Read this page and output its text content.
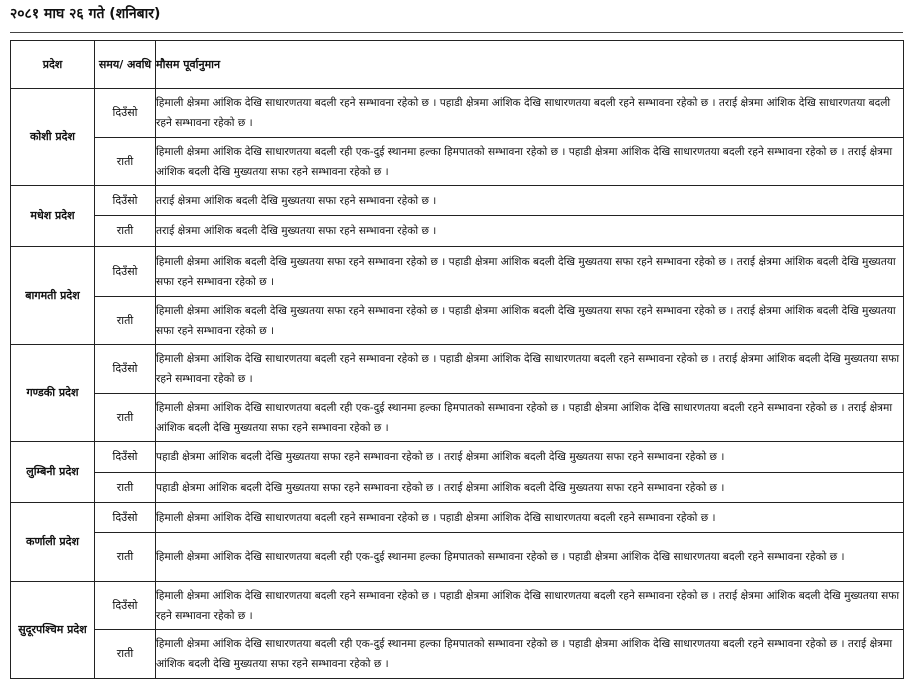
२०८१ माघ २६ गते (शनिबार)
प्रदेश	समय/ अवधि	मौसम पूर्वानुमान
कोशी प्रदेश	दिउँसो	हिमाली क्षेत्रमा आंशिक देखि साधारणतया बदली रहने सम्भावना रहेको छ । पहाडी क्षेत्रमा आंशिक देखि साधारणतया बदली रहने सम्भावना रहेको छ । तराई क्षेत्रमा आंशिक देखि साधारणतया बदली रहने सम्भावना रहेको छ ।
	राती	हिमाली क्षेत्रमा आंशिक देखि साधारणतया बदली रही एक-दुई स्थानमा हल्का हिमपातको सम्भावना रहेको छ । पहाडी क्षेत्रमा आंशिक देखि साधारणतया बदली रहने सम्भावना रहेको छ । तराई क्षेत्रमा आंशिक बदली देखि मुख्यतया सफा रहने सम्भावना रहेको छ ।
मधेश प्रदेश	दिउँसो	तराई क्षेत्रमा आंशिक बदली देखि मुख्यतया सफा रहने सम्भावना रहेको छ ।
	राती	तराई क्षेत्रमा आंशिक बदली देखि मुख्यतया सफा रहने सम्भावना रहेको छ ।
बागमती प्रदेश	दिउँसो	हिमाली क्षेत्रमा आंशिक बदली देखि मुख्यतया सफा रहने सम्भावना रहेको छ । पहाडी क्षेत्रमा आंशिक बदली देखि मुख्यतया सफा रहने सम्भावना रहेको छ । तराई क्षेत्रमा आंशिक बदली देखि मुख्यतया सफा रहने सम्भावना रहेको छ ।
	राती	हिमाली क्षेत्रमा आंशिक बदली देखि मुख्यतया सफा रहने सम्भावना रहेको छ । पहाडी क्षेत्रमा आंशिक बदली देखि मुख्यतया सफा रहने सम्भावना रहेको छ । तराई क्षेत्रमा आंशिक बदली देखि मुख्यतया सफा रहने सम्भावना रहेको छ ।
गण्डकी प्रदेश	दिउँसो	हिमाली क्षेत्रमा आंशिक देखि साधारणतया बदली रहने सम्भावना रहेको छ । पहाडी क्षेत्रमा आंशिक देखि साधारणतया बदली रहने सम्भावना रहेको छ । तराई क्षेत्रमा आंशिक बदली देखि मुख्यतया सफा रहने सम्भावना रहेको छ ।
	राती	हिमाली क्षेत्रमा आंशिक देखि साधारणतया बदली रही एक-दुई स्थानमा हल्का हिमपातको सम्भावना रहेको छ । पहाडी क्षेत्रमा आंशिक देखि साधारणतया बदली रहने सम्भावना रहेको छ । तराई क्षेत्रमा आंशिक बदली देखि मुख्यतया सफा रहने सम्भावना रहेको छ ।
लुम्बिनी प्रदेश	दिउँसो	पहाडी क्षेत्रमा आंशिक बदली देखि मुख्यतया सफा रहने सम्भावना रहेको छ । तराई क्षेत्रमा आंशिक बदली देखि मुख्यतया सफा रहने सम्भावना रहेको छ ।
	राती	पहाडी क्षेत्रमा आंशिक बदली देखि मुख्यतया सफा रहने सम्भावना रहेको छ । तराई क्षेत्रमा आंशिक बदली देखि मुख्यतया सफा रहने सम्भावना रहेको छ ।
कर्णाली प्रदेश	दिउँसो	हिमाली क्षेत्रमा आंशिक देखि साधारणतया बदली रहने सम्भावना रहेको छ । पहाडी क्षेत्रमा आंशिक देखि साधारणतया बदली रहने सम्भावना रहेको छ ।
	राती	हिमाली क्षेत्रमा आंशिक देखि साधारणतया बदली रही एक-दुई स्थानमा हल्का हिमपातको सम्भावना रहेको छ । पहाडी क्षेत्रमा आंशिक देखि साधारणतया बदली रहने सम्भावना रहेको छ ।
सुदूरपश्चिम प्रदेश	दिउँसो	हिमाली क्षेत्रमा आंशिक देखि साधारणतया बदली रहने सम्भावना रहेको छ । पहाडी क्षेत्रमा आंशिक देखि साधारणतया बदली रहने सम्भावना रहेको छ । तराई क्षेत्रमा आंशिक बदली देखि मुख्यतया सफा रहने सम्भावना रहेको छ ।
	राती	हिमाली क्षेत्रमा आंशिक देखि साधारणतया बदली रही एक-दुई स्थानमा हल्का हिमपातको सम्भावना रहेको छ । पहाडी क्षेत्रमा आंशिक देखि साधारणतया बदली रहने सम्भावना रहेको छ । तराई क्षेत्रमा आंशिक बदली देखि मुख्यतया सफा रहने सम्भावना रहेको छ ।
